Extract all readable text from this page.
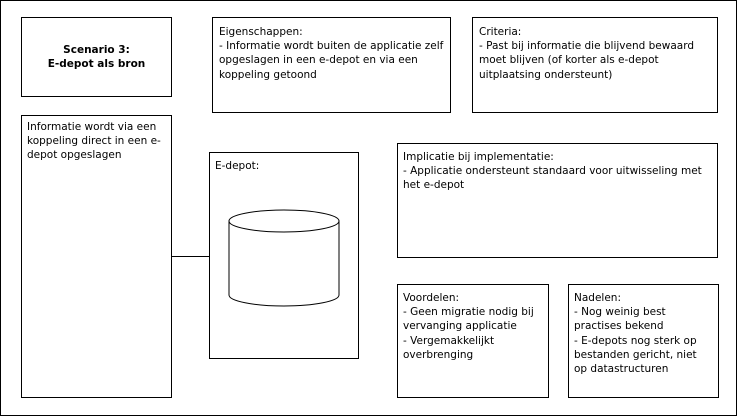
Scenario 3:
E-depot als bron
Eigenschappen:
- Informatie wordt buiten de applicatie zelf opgeslagen in een e-depot en via een koppeling getoond
Criteria:
- Past bij informatie die blijvend bewaard moet blijven (of korter als e-depot uitplaatsing ondersteunt)
Informatie wordt via een koppeling direct in een e-depot opgeslagen
E-depot:
Implicatie bij implementatie:
- Applicatie ondersteunt standaard voor uitwisseling met het e-depot
Voordelen:
- Geen migratie nodig bij vervanging applicatie
- Vergemakkelijkt overbrenging
Nadelen:
- Nog weinig best practises bekend
- E-depots nog sterk op bestanden gericht, niet op datastructuren
